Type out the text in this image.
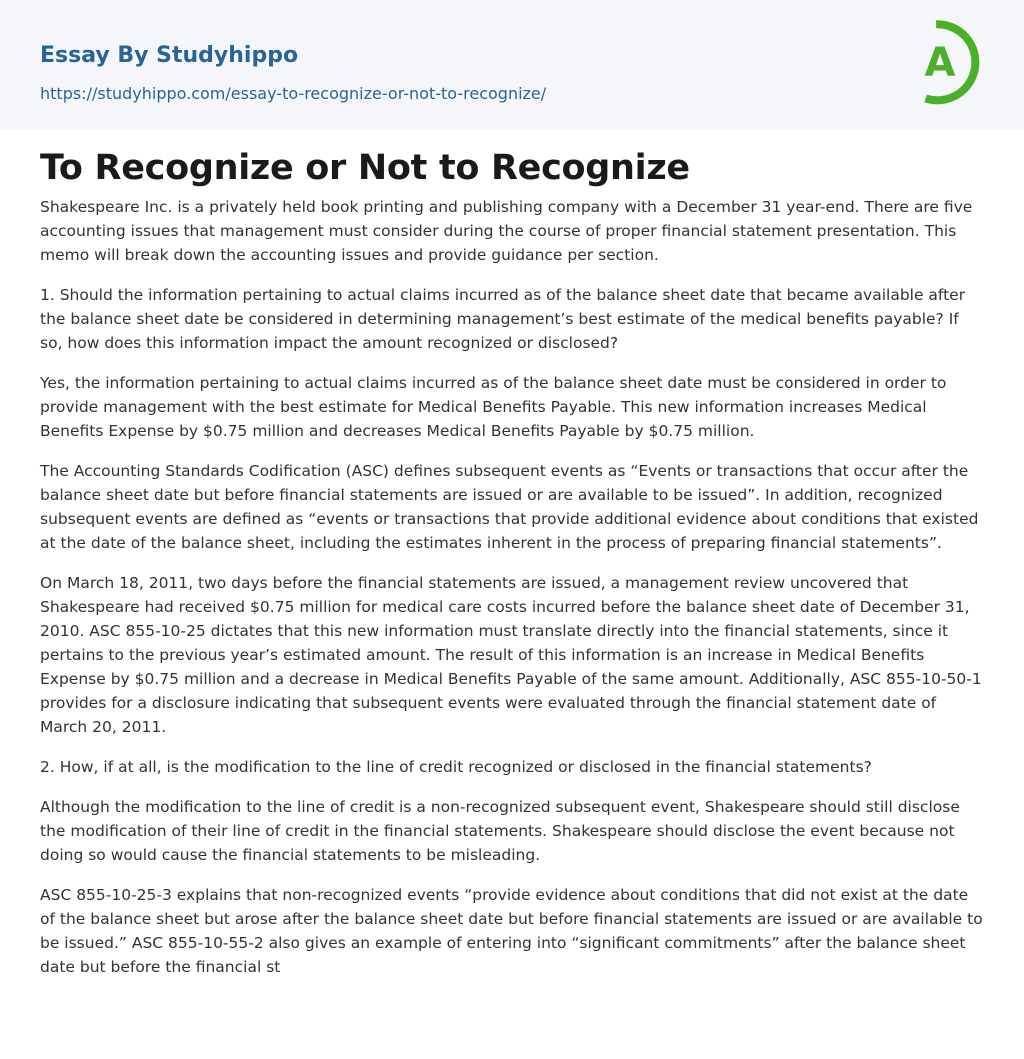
Essay By Studyhippo
https://studyhippo.com/essay-to-recognize-or-not-to-recognize/
A
To Recognize or Not to Recognize

Shakespeare Inc. is a privately held book printing and publishing company with a December 31 year-end. There are five accounting issues that management must consider during the course of proper financial statement presentation. This memo will break down the accounting issues and provide guidance per section.

1. Should the information pertaining to actual claims incurred as of the balance sheet date that became available after the balance sheet date be considered in determining management’s best estimate of the medical benefits payable? If so, how does this information impact the amount recognized or disclosed?

Yes, the information pertaining to actual claims incurred as of the balance sheet date must be considered in order to provide management with the best estimate for Medical Benefits Payable. This new information increases Medical Benefits Expense by $0.75 million and decreases Medical Benefits Payable by $0.75 million.

The Accounting Standards Codification (ASC) defines subsequent events as “Events or transactions that occur after the balance sheet date but before financial statements are issued or are available to be issued”. In addition, recognized subsequent events are defined as “events or transactions that provide additional evidence about conditions that existed at the date of the balance sheet, including the estimates inherent in the process of preparing financial statements”.

On March 18, 2011, two days before the financial statements are issued, a management review uncovered that Shakespeare had received $0.75 million for medical care costs incurred before the balance sheet date of December 31, 2010. ASC 855-10-25 dictates that this new information must translate directly into the financial statements, since it pertains to the previous year’s estimated amount. The result of this information is an increase in Medical Benefits Expense by $0.75 million and a decrease in Medical Benefits Payable of the same amount. Additionally, ASC 855-10-50-1 provides for a disclosure indicating that subsequent events were evaluated through the financial statement date of March 20, 2011.

2. How, if at all, is the modification to the line of credit recognized or disclosed in the financial statements?

Although the modification to the line of credit is a non-recognized subsequent event, Shakespeare should still disclose the modification of their line of credit in the financial statements. Shakespeare should disclose the event because not doing so would cause the financial statements to be misleading.

ASC 855-10-25-3 explains that non-recognized events “provide evidence about conditions that did not exist at the date of the balance sheet but arose after the balance sheet date but before financial statements are issued or are available to be issued.” ASC 855-10-55-2 also gives an example of entering into “significant commitments” after the balance sheet date but before the financial st
